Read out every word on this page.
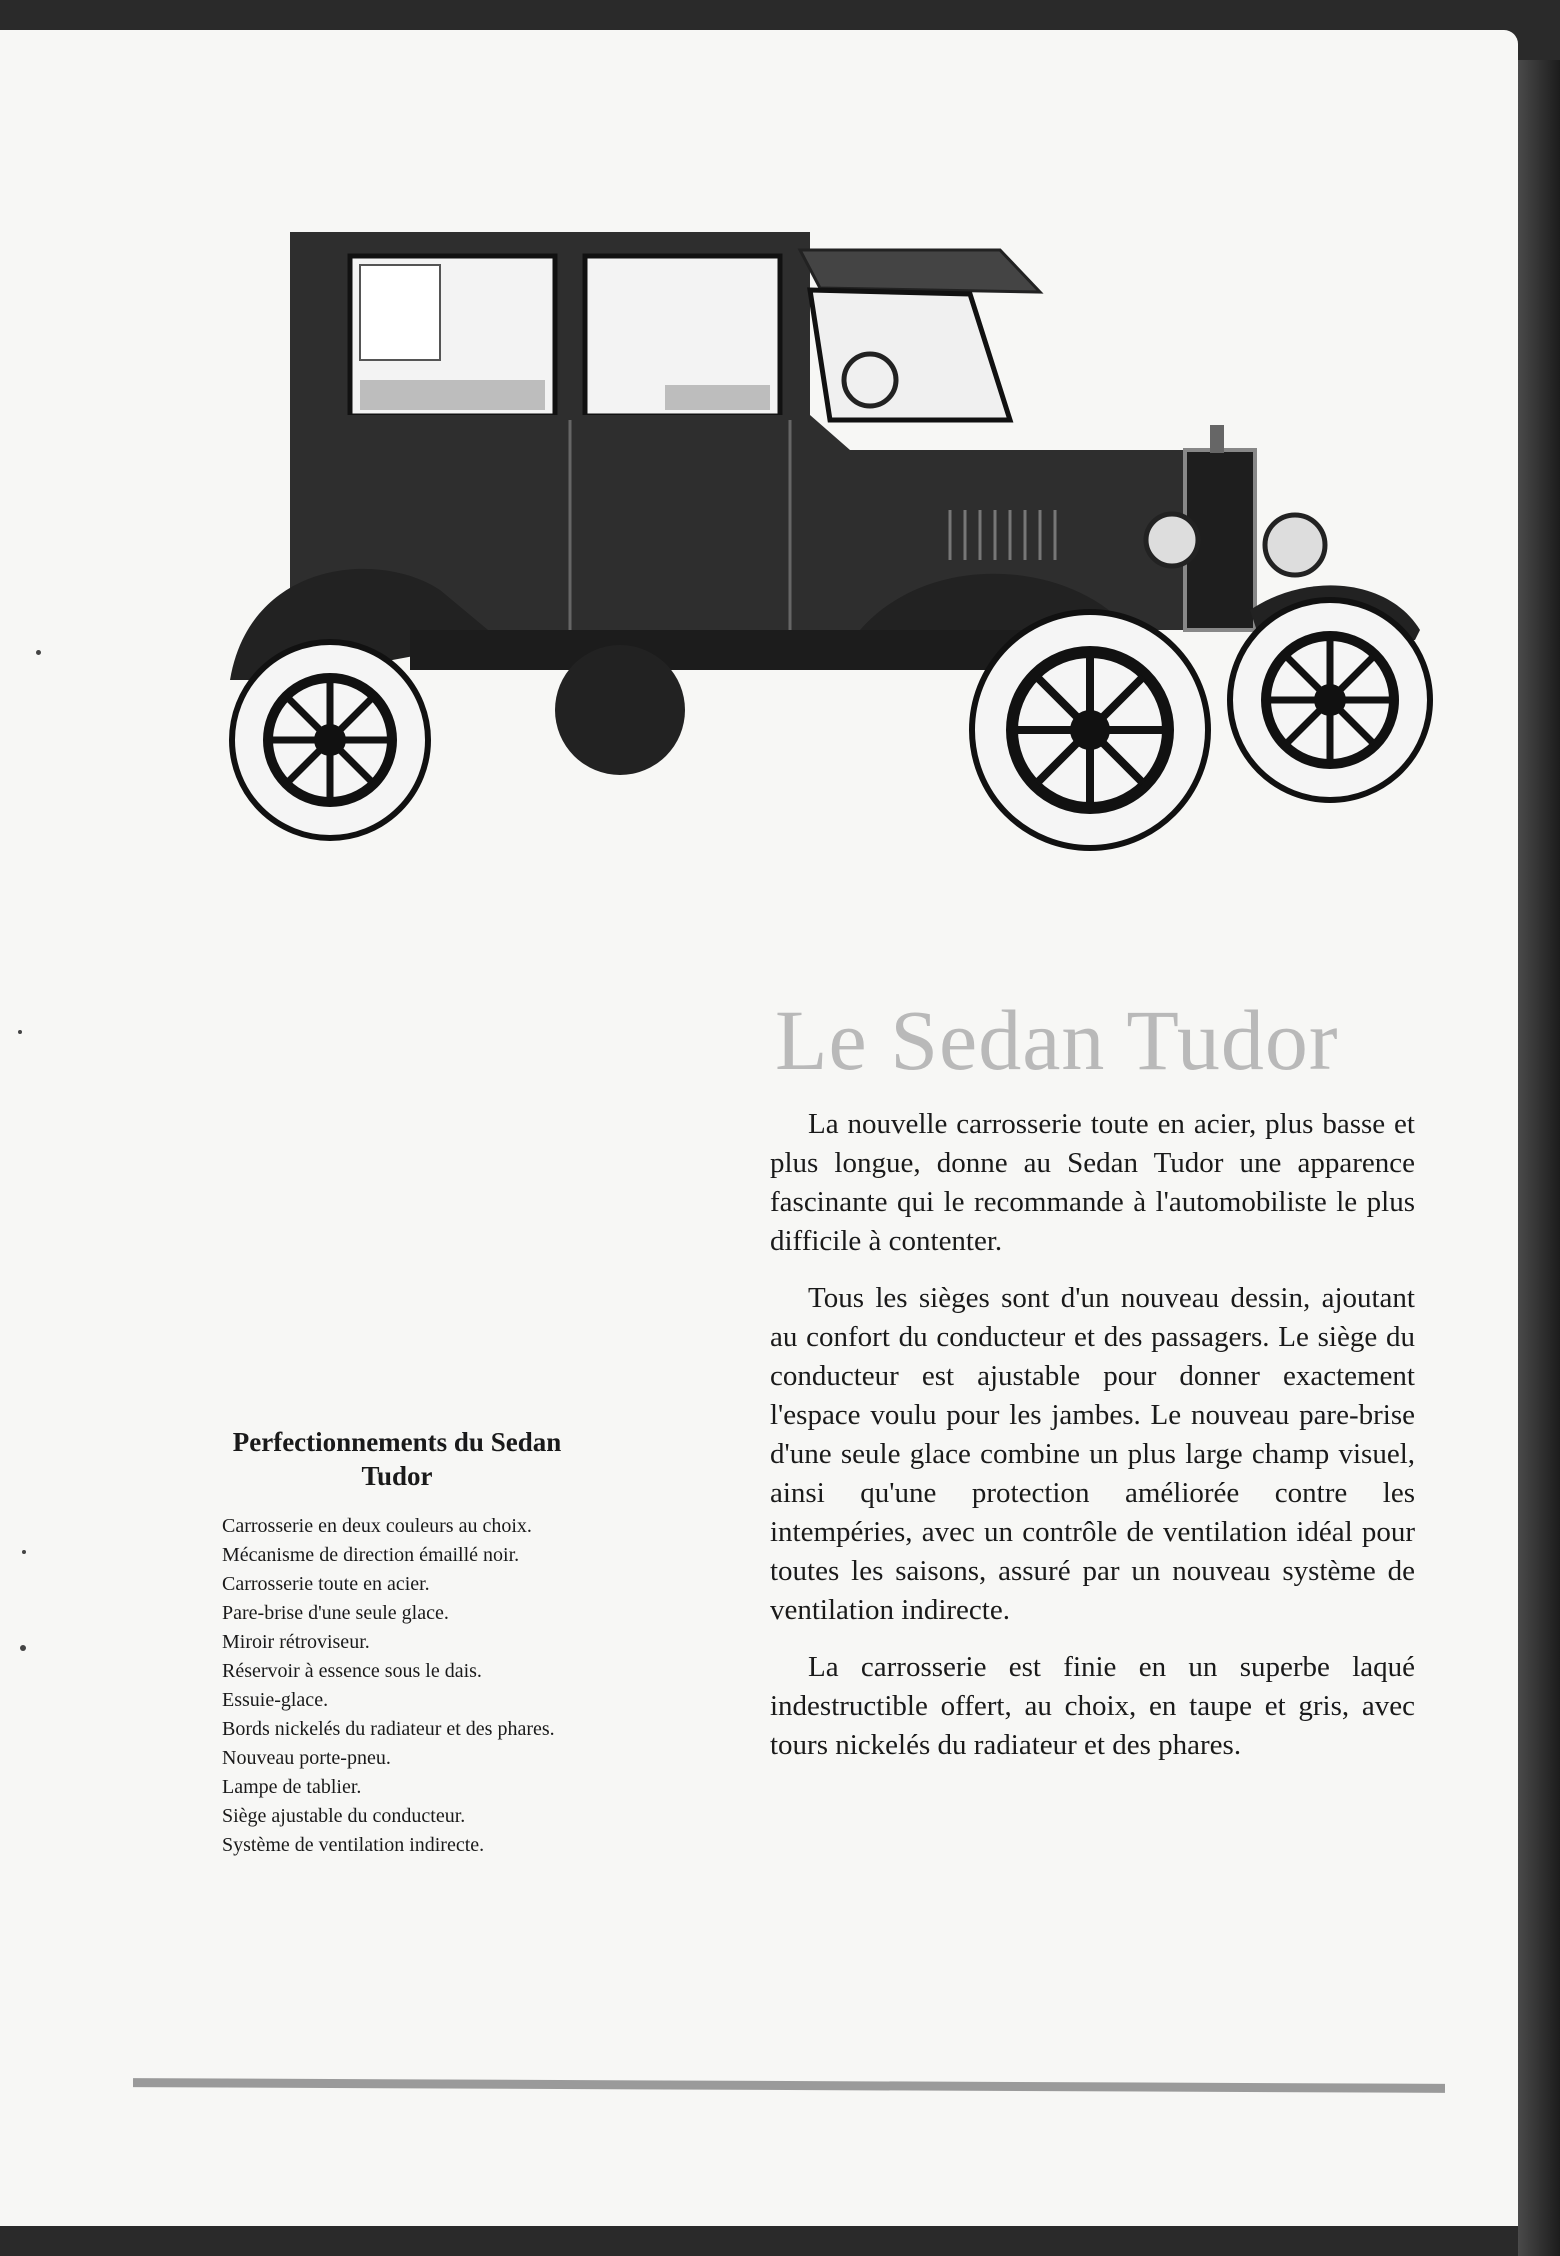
Le Sedan Tudor

La nouvelle carrosserie toute en acier, plus basse et plus longue, donne au Sedan Tudor une apparence fascinante qui le recommande à l'automobiliste le plus difficile à contenter.

Tous les sièges sont d'un nouveau dessin, ajoutant au confort du conducteur et des passagers. Le siège du conducteur est ajustable pour donner exactement l'espace voulu pour les jambes. Le nouveau pare-brise d'une seule glace combine un plus large champ visuel, ainsi qu'une protection améliorée contre les intempéries, avec un contrôle de ventilation idéal pour toutes les saisons, assuré par un nouveau système de ventilation indirecte.

La carrosserie est finie en un superbe laqué indestructible offert, au choix, en taupe et gris, avec tours nickelés du radiateur et des phares.

Perfectionnements du Sedan Tudor
Carrosserie en deux couleurs au choix.
Mécanisme de direction émaillé noir.
Carrosserie toute en acier.
Pare-brise d'une seule glace.
Miroir rétroviseur.
Réservoir à essence sous le dais.
Essuie-glace.
Bords nickelés du radiateur et des phares.
Nouveau porte-pneu.
Lampe de tablier.
Siège ajustable du conducteur.
Système de ventilation indirecte.
